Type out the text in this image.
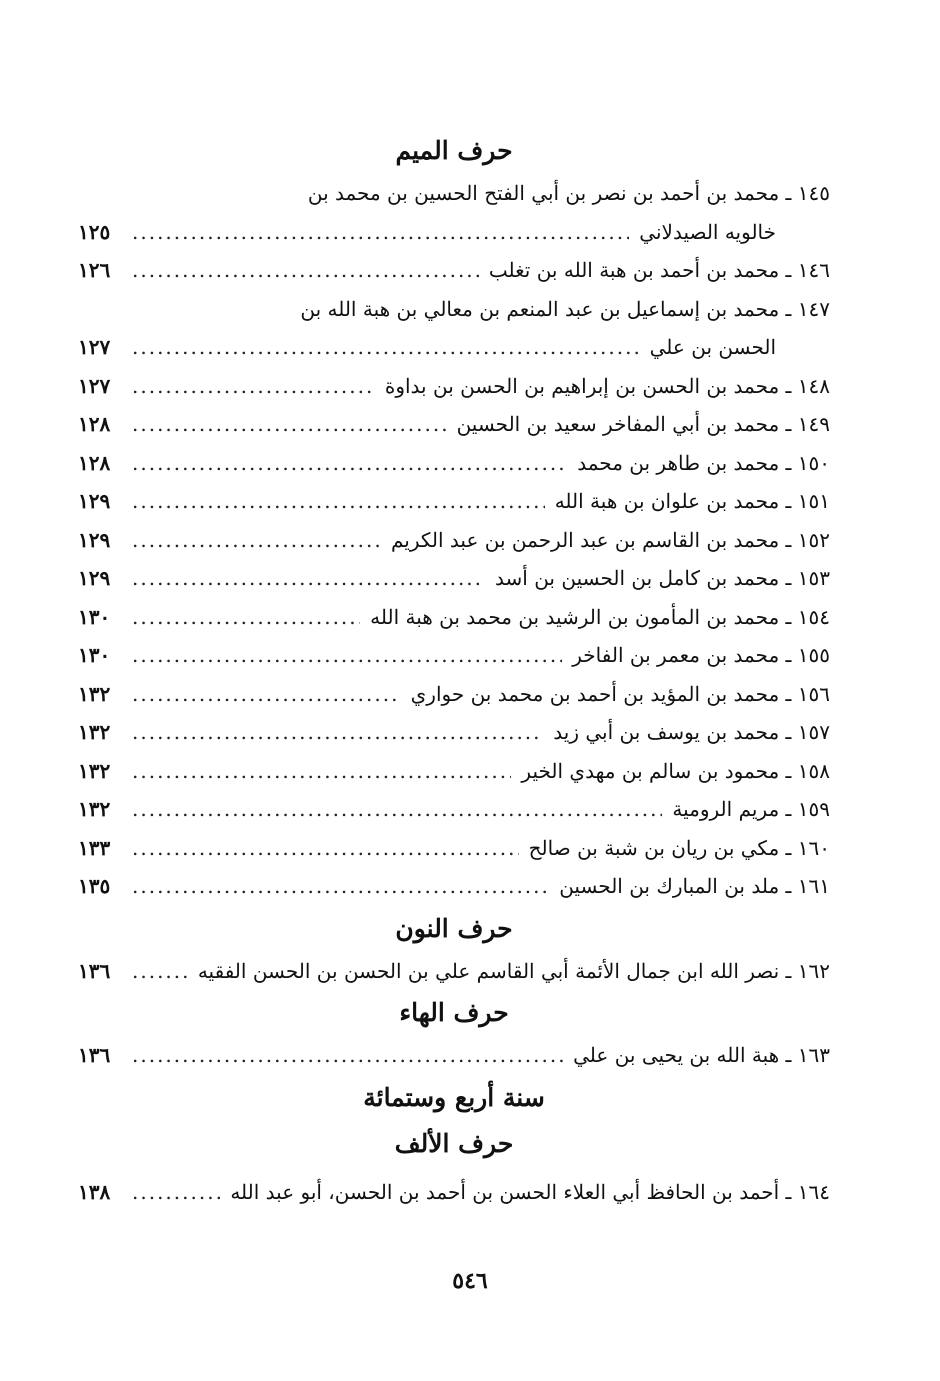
حرف الميم
١٤٥ ـ محمد بن أحمد بن نصر بن أبي الفتح الحسين بن محمد بن
خالويه الصيدلاني
.....
١٢٥
١٤٦ ـ محمد بن أحمد بن هبة الله بن تغلب
.....
١٢٦
١٤٧ ـ محمد بن إسماعيل بن عبد المنعم بن معالي بن هبة الله بن
الحسن بن علي
.....
١٢٧
١٤٨ ـ محمد بن الحسن بن إبراهيم بن الحسن بن بداوة
.....
١٢٧
١٤٩ ـ محمد بن أبي المفاخر سعيد بن الحسين
.....
١٢٨
١٥٠ ـ محمد بن طاهر بن محمد
.....
١٢٨
١٥١ ـ محمد بن علوان بن هبة الله
.....
١٢٩
١٥٢ ـ محمد بن القاسم بن عبد الرحمن بن عبد الكريم
.....
١٢٩
١٥٣ ـ محمد بن كامل بن الحسين بن أسد
.....
١٢٩
١٥٤ ـ محمد بن المأمون بن الرشيد بن محمد بن هبة الله
.....
١٣٠
١٥٥ ـ محمد بن معمر بن الفاخر
.....
١٣٠
١٥٦ ـ محمد بن المؤيد بن أحمد بن محمد بن حواري
.....
١٣٢
١٥٧ ـ محمد بن يوسف بن أبي زيد
.....
١٣٢
١٥٨ ـ محمود بن سالم بن مهدي الخير
.....
١٣٢
١٥٩ ـ مريم الرومية
.....
١٣٢
١٦٠ ـ مكي بن ريان بن شبة بن صالح
.....
١٣٣
١٦١ ـ ملد بن المبارك بن الحسين
.....
١٣٥
حرف النون
١٦٢ ـ نصر الله ابن جمال الأئمة أبي القاسم علي بن الحسن بن الحسن الفقيه
.....
١٣٦
حرف الهاء
١٦٣ ـ هبة الله بن يحيى بن علي
.....
١٣٦
سنة أربع وستمائة
حرف الألف
١٦٤ ـ أحمد بن الحافظ أبي العلاء الحسن بن أحمد بن الحسن، أبو عبد الله
.....
١٣٨
٥٤٦
